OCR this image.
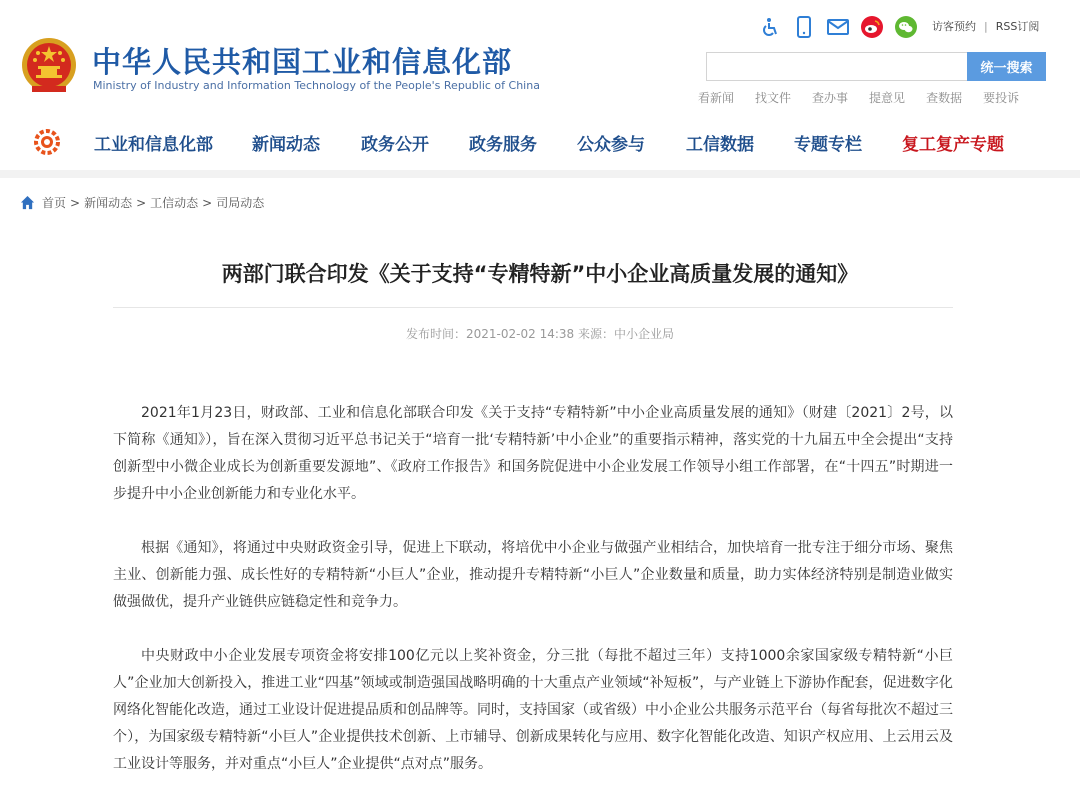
中华人民共和国工业和信息化部
Ministry of Industry and Information Technology of the People's Republic of China
访客预约 | RSS订阅
统一搜索
看新闻 找文件 查办事 提意见 查数据 要投诉
工业和信息化部 新闻动态 政务公开 政务服务 公众参与 工信数据 专题专栏 复工复产专题
首页 > 新闻动态 > 工信动态 > 司局动态
两部门联合印发《关于支持“专精特新”中小企业高质量发展的通知》
发布时间：2021-02-02 14:38 来源：中小企业局

2021年1月23日，财政部、工业和信息化部联合印发《关于支持“专精特新”中小企业高质量发展的通知》（财建〔2021〕2号，以下简称《通知》），旨在深入贯彻习近平总书记关于“培育一批‘专精特新’中小企业”的重要指示精神，落实党的十九届五中全会提出“支持创新型中小微企业成长为创新重要发源地”、《政府工作报告》和国务院促进中小企业发展工作领导小组工作部署，在“十四五”时期进一步提升中小企业创新能力和专业化水平。

根据《通知》，将通过中央财政资金引导，促进上下联动，将培优中小企业与做强产业相结合，加快培育一批专注于细分市场、聚焦主业、创新能力强、成长性好的专精特新“小巨人”企业，推动提升专精特新“小巨人”企业数量和质量，助力实体经济特别是制造业做实做强做优，提升产业链供应链稳定性和竞争力。

中央财政中小企业发展专项资金将安排100亿元以上奖补资金，分三批（每批不超过三年）支持1000余家国家级专精特新“小巨人”企业加大创新投入，推进工业“四基”领域或制造强国战略明确的十大重点产业领域“补短板”，与产业链上下游协作配套，促进数字化网络化智能化改造，通过工业设计促进提品质和创品牌等。同时，支持国家（或省级）中小企业公共服务示范平台（每省每批次不超过三个），为国家级专精特新“小巨人”企业提供技术创新、上市辅导、创新成果转化与应用、数字化智能化改造、知识产权应用、上云用云及工业设计等服务，并对重点“小巨人”企业提供“点对点”服务。
